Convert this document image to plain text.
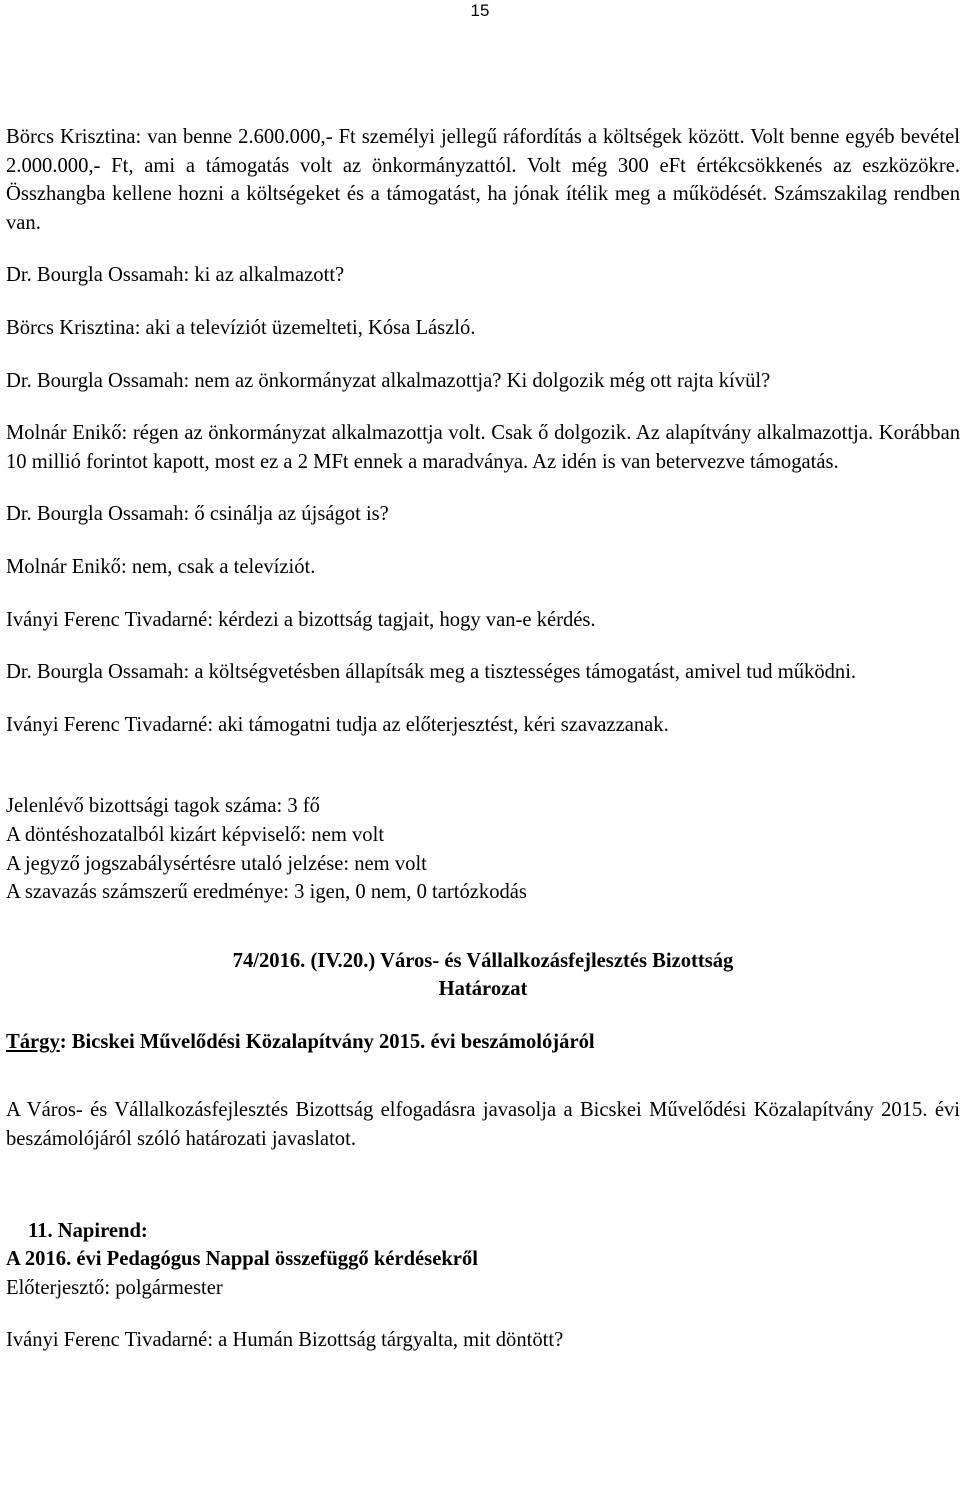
15

Börcs Krisztina: van benne 2.600.000,- Ft személyi jellegű ráfordítás a költségek között. Volt benne egyéb bevétel 2.000.000,- Ft, ami a támogatás volt az önkormányzattól. Volt még 300 eFt értékcsökkenés az eszközökre. Összhangba kellene hozni a költségeket és a támogatást, ha jónak ítélik meg a működését. Számszakilag rendben van.

Dr. Bourgla Ossamah: ki az alkalmazott?

Börcs Krisztina: aki a televíziót üzemelteti, Kósa László.

Dr. Bourgla Ossamah: nem az önkormányzat alkalmazottja? Ki dolgozik még ott rajta kívül?

Molnár Enikő: régen az önkormányzat alkalmazottja volt. Csak ő dolgozik. Az alapítvány alkalmazottja. Korábban 10 millió forintot kapott, most ez a 2 MFt ennek a maradványa. Az idén is van betervezve támogatás.

Dr. Bourgla Ossamah: ő csinálja az újságot is?

Molnár Enikő: nem, csak a televíziót.

Iványi Ferenc Tivadarné: kérdezi a bizottság tagjait, hogy van-e kérdés.

Dr. Bourgla Ossamah: a költségvetésben állapítsák meg a tisztességes támogatást, amivel tud működni.

Iványi Ferenc Tivadarné: aki támogatni tudja az előterjesztést, kéri szavazzanak.

Jelenlévő bizottsági tagok száma: 3 fő

A döntéshozatalból kizárt képviselő: nem volt

A jegyző jogszabálysértésre utaló jelzése: nem volt

A szavazás számszerű eredménye: 3 igen, 0 nem, 0 tartózkodás

74/2016. (IV.20.) Város- és Vállalkozásfejlesztés Bizottság

Határozat

Tárgy: Bicskei Művelődési Közalapítvány 2015. évi beszámolójáról

A Város- és Vállalkozásfejlesztés Bizottság elfogadásra javasolja a Bicskei Művelődési Közalapítvány 2015. évi beszámolójáról szóló határozati javaslatot.

11. Napirend:

A 2016. évi Pedagógus Nappal összefüggő kérdésekről

Előterjesztő: polgármester

Iványi Ferenc Tivadarné: a Humán Bizottság tárgyalta, mit döntött?
